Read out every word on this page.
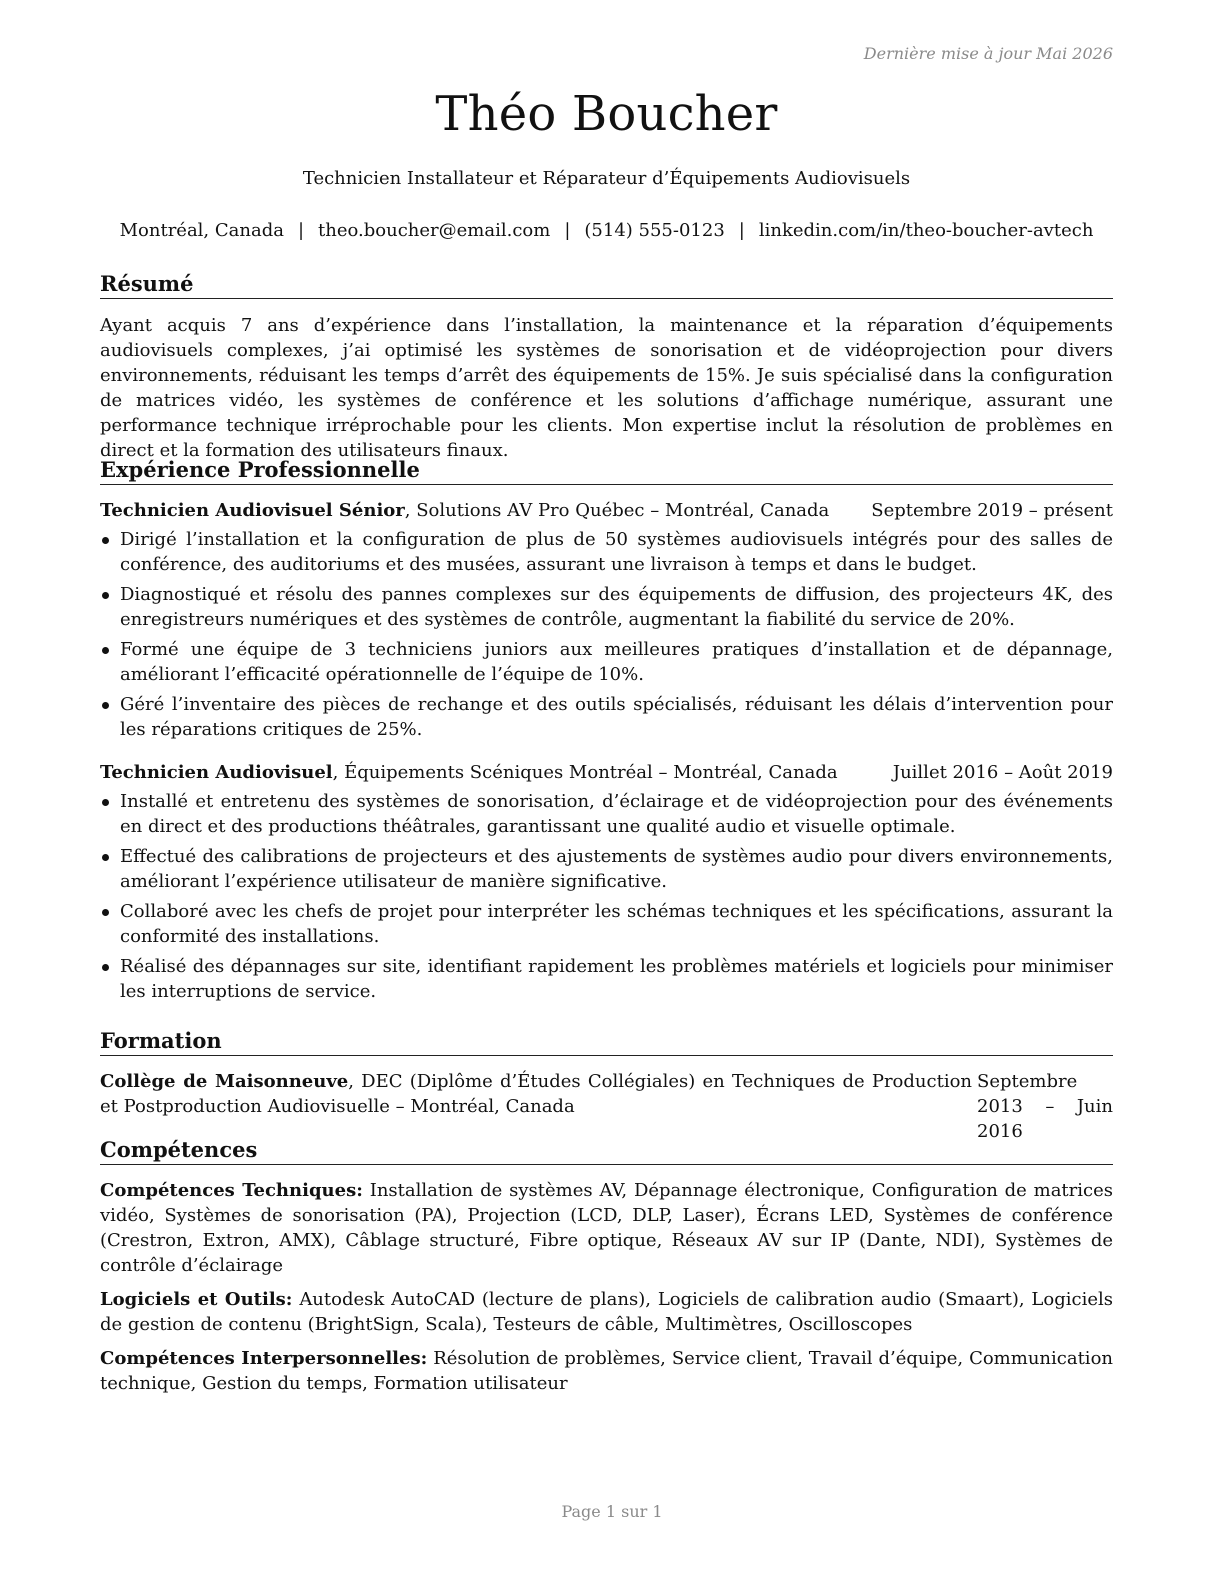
Dernière mise à jour Mai 2026
Théo Boucher
Technicien Installateur et Réparateur d’Équipements Audiovisuels
Montréal, Canada | theo.boucher@email.com | (514) 555-0123 | linkedin.com/in/theo-boucher-avtech
Résumé

Ayant acquis 7 ans d’expérience dans l’installation, la maintenance et la réparation d’équipements audiovisuels complexes, j’ai optimisé les systèmes de sonorisation et de vidéoprojection pour divers environnements, réduisant les temps d’arrêt des équipements de 15%. Je suis spécialisé dans la configuration de matrices vidéo, les systèmes de conférence et les solutions d’affichage numérique, assurant une performance technique irréprochable pour les clients. Mon expertise inclut la résolution de problèmes en direct et la formation des utilisateurs finaux.

Expérience Professionnelle
Technicien Audiovisuel Sénior, Solutions AV Pro Québec – Montréal, Canada Septembre 2019 – présent
Dirigé l’installation et la configuration de plus de 50 systèmes audiovisuels intégrés pour des salles de conférence, des auditoriums et des musées, assurant une livraison à temps et dans le budget.
Diagnostiqué et résolu des pannes complexes sur des équipements de diffusion, des projecteurs 4K, des enregistreurs numériques et des systèmes de contrôle, augmentant la fiabilité du service de 20%.
Formé une équipe de 3 techniciens juniors aux meilleures pratiques d’installation et de dépannage, améliorant l’efficacité opérationnelle de l’équipe de 10%.
Géré l’inventaire des pièces de rechange et des outils spécialisés, réduisant les délais d’intervention pour les réparations critiques de 25%.
Technicien Audiovisuel, Équipements Scéniques Montréal – Montréal, Canada	Juillet 2016 – Août 2019
Installé et entretenu des systèmes de sonorisation, d’éclairage et de vidéoprojection pour des événements en direct et des productions théâtrales, garantissant une qualité audio et visuelle optimale.
Effectué des calibrations de projecteurs et des ajustements de systèmes audio pour divers environnements, améliorant l’expérience utilisateur de manière significative.
Collaboré avec les chefs de projet pour interpréter les schémas techniques et les spécifications, assurant la conformité des installations.
Réalisé des dépannages sur site, identifiant rapidement les problèmes matériels et logiciels pour minimiser les interruptions de service.
Formation
Collège de Maisonneuve, DEC (Diplôme d’Études Collégiales) en Techniques de Production et Postproduction Audiovisuelle – Montréal, Canada
Septembre 2013 – Juin 2016
Compétences

Compétences Techniques: Installation de systèmes AV, Dépannage électronique, Configuration de matrices vidéo, Systèmes de sonorisation (PA), Projection (LCD, DLP, Laser), Écrans LED, Systèmes de conférence (Crestron, Extron, AMX), Câblage structuré, Fibre optique, Réseaux AV sur IP (Dante, NDI), Systèmes de contrôle d’éclairage

Logiciels et Outils: Autodesk AutoCAD (lecture de plans), Logiciels de calibration audio (Smaart), Logiciels de gestion de contenu (BrightSign, Scala), Testeurs de câble, Multimètres, Oscilloscopes

Compétences Interpersonnelles: Résolution de problèmes, Service client, Travail d’équipe, Communication technique, Gestion du temps, Formation utilisateur

Page 1 sur 1
